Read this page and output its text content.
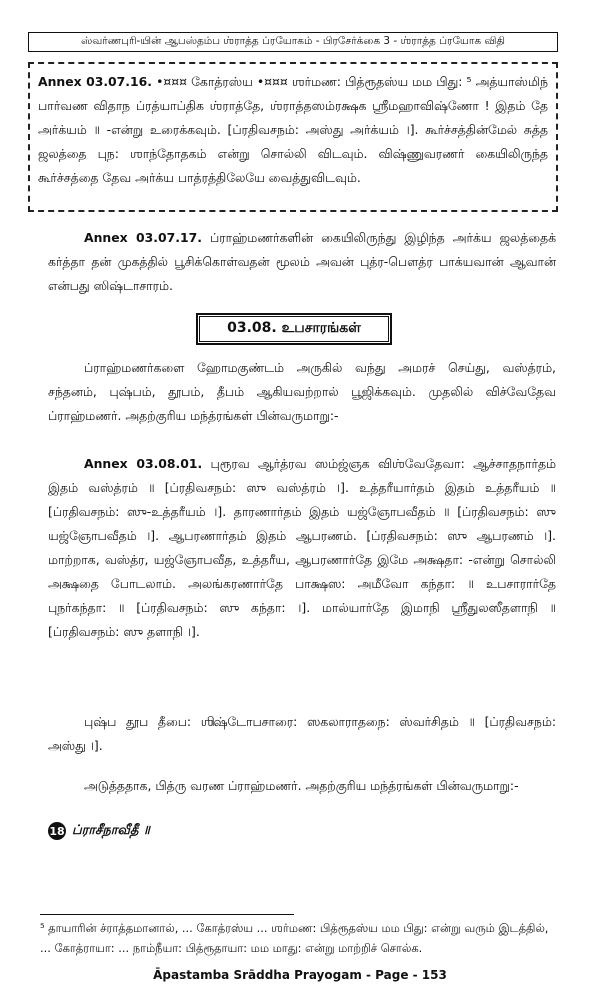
ஸ்வர்ணபுரி-யின் ஆபஸ்தம்ப ஶ்ராத்த ப்ரயோகம் - பிரசேர்க்கை 3 - ஶ்ராத்த ப்ரயோக விதி
Annex 03.07.16. •¤¤¤ கோத்ரஸ்ய •¤¤¤ ஶர்மண: பித்ரூதஸ்ய மம பிது: ⁵ அத்யாஸ்மிந் பார்வண விதாந ப்ரத்யாப்திக ஶ்ராத்தே, ஶ்ராத்தஸம்ரக்ஷக ஸ்ரீமஹாவிஷ்ணோ ! இதம் தே அர்க்யம் ॥ -என்று உரைக்கவும். [ப்ரதிவசநம்: அஸ்து அர்க்யம் ।]. கூர்ச்சத்தின்மேல் சுத்த ஜலத்தை புந: ஶாந்தோதகம் என்று சொல்லி விடவும். விஷ்ணுவரணர் கையிலிருந்த கூர்ச்சத்தை தேவ அர்க்ய பாத்ரத்திலேயே வைத்துவிடவும்.
Annex 03.07.17. ப்ராஹ்மணர்களின் கையிலிருந்து இழிந்த அர்க்ய ஜலத்தைக் கர்த்தா தன் முகத்தில் பூசிக்கொள்வதன் மூலம் அவன் புத்ர-பௌத்ர பாக்யவான் ஆவான் என்பது ஸிஷ்டாசாரம்.
03.08. உபசாரங்கள்
ப்ராஹ்மணர்களை ஹோமகுண்டம் அருகில் வந்து அமரச் செய்து, வஸ்த்ரம், சந்தனம், புஷ்பம், தூபம், தீபம் ஆகியவற்றால் பூஜிக்கவும். முதலில் விச்வேதேவ ப்ராஹ்மணர். அதற்குரிய மந்த்ரங்கள் பின்வருமாறு:-
Annex 03.08.01. புரூரவ ஆர்த்ரவ ஸம்ஜ்ஞக விஶ்வேதேவா: ஆச்சாதநார்தம் இதம் வஸ்த்ரம் ॥ [ப்ரதிவசநம்: ஸு வஸ்த்ரம் ।]. உத்தரீயார்தம் இதம் உத்தரீயம் ॥ [ப்ரதிவசநம்: ஸு-உத்தரீயம் ।]. தாரணார்தம் இதம் யஜ்ஞோபவீதம் ॥ [ப்ரதிவசநம்: ஸு யஜ்ஞோபவீதம் ।]. ஆபரணார்தம் இதம் ஆபரணம். [ப்ரதிவசநம்: ஸு ஆபரணம் ।]. மாற்றாக, வஸ்த்ர, யஜ்ஞோபவீத, உத்தரீய, ஆபரணார்தே இமே அக்ஷதா: -என்று சொல்லி அக்ஷதை போடலாம். அலங்கரணார்தே பாக்ஷஸ: அமீவோ கந்தா: ॥ உபசாரார்தே புநர்கந்தா: ॥ [ப்ரதிவசநம்: ஸு கந்தா: ।]. மால்யார்தே இமாநி ஸ்ரீதுலஸீதளாநி ॥ [ப்ரதிவசநம்: ஸு தளாநி ।].
புஷ்ப தூப தீபை: ஶிஷ்டோபசாரை: ஸகலாராதநை: ஸ்வர்சிதம் ॥ [ப்ரதிவசநம்: அஸ்து ।].
அடுத்ததாக, பித்ரு வரண ப்ராஹ்மணர். அதற்குரிய மந்த்ரங்கள் பின்வருமாறு:-
18 ப்ராசீநாவீதீ ॥
⁵ தாயாரின் ச்ராத்தமானால், ... கோத்ரஸ்ய ... ஶர்மண: பித்ரூதஸ்ய மம பிது: என்று வரும் இடத்தில், ... கோத்ராயா: ... நாம்நீயா: பித்ரூதாயா: மம மாது: என்று மாற்றிச் சொல்க.
Āpastamba Srāddha Prayogam - Page - 153
